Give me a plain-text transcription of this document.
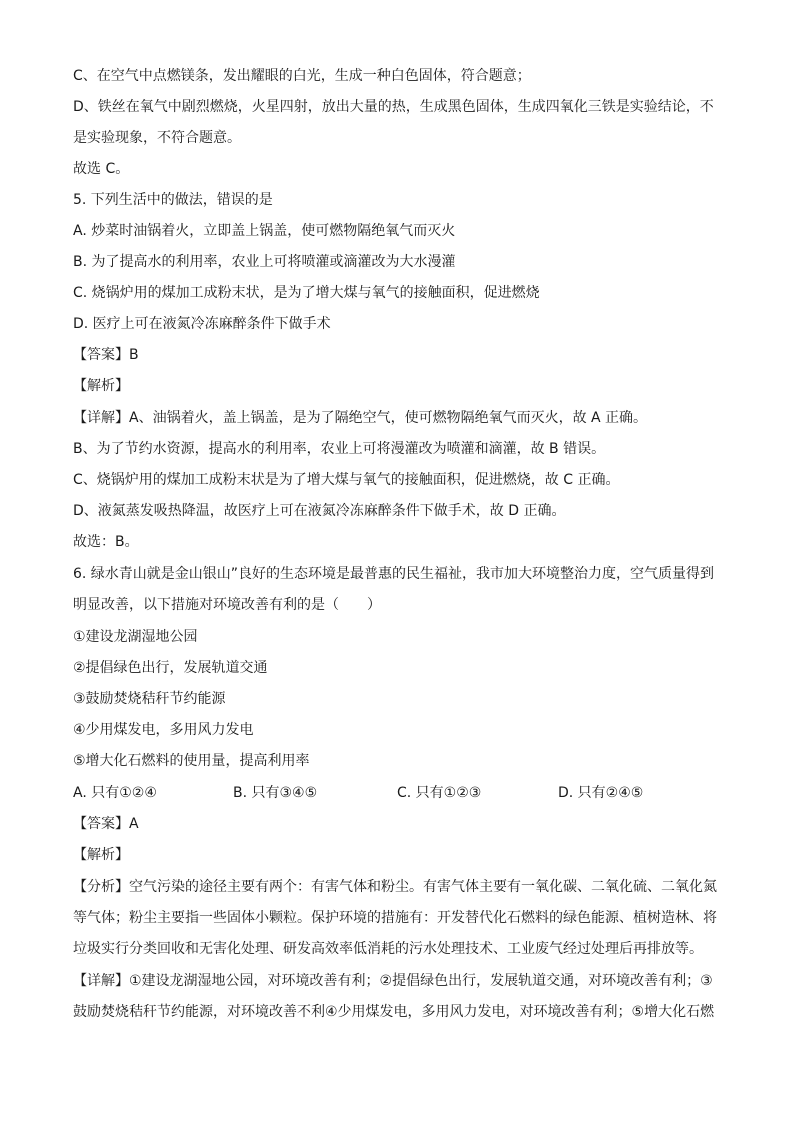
C、在空气中点燃镁条，发出耀眼的白光，生成一种白色固体，符合题意；
D、铁丝在氧气中剧烈燃烧，火星四射，放出大量的热，生成黑色固体，生成四氧化三铁是实验结论，不
是实验现象，不符合题意。
故选 C。
5. 下列生活中的做法，错误的是
A. 炒菜时油锅着火，立即盖上锅盖，使可燃物隔绝氧气而灭火
B. 为了提高水的利用率，农业上可将喷灌或滴灌改为大水漫灌
C. 烧锅炉用的煤加工成粉末状，是为了增大煤与氧气的接触面积，促进燃烧
D. 医疗上可在液氮冷冻麻醉条件下做手术
【答案】B
【解析】
【详解】A、油锅着火，盖上锅盖，是为了隔绝空气，使可燃物隔绝氧气而灭火，故 A 正确。
B、为了节约水资源，提高水的利用率，农业上可将漫灌改为喷灌和滴灌，故 B 错误。
C、烧锅炉用的煤加工成粉末状是为了增大煤与氧气的接触面积，促进燃烧，故 C 正确。
D、液氮蒸发吸热降温，故医疗上可在液氮冷冻麻醉条件下做手术，故 D 正确。
故选：B。
6. 绿水青山就是金山银山”良好的生态环境是最普惠的民生福祉，我市加大环境整治力度，空气质量得到
明显改善，以下措施对环境改善有利的是（　　）
①建设龙湖湿地公园
②提倡绿色出行，发展轨道交通
③鼓励焚烧秸秆节约能源
④少用煤发电，多用风力发电
⑤增大化石燃料的使用量，提高利用率
A. 只有①②④	B. 只有③④⑤	C. 只有①②③	D. 只有②④⑤
【答案】A
【解析】
【分析】空气污染的途径主要有两个：有害气体和粉尘。有害气体主要有一氧化碳、二氧化硫、二氧化氮
等气体；粉尘主要指一些固体小颗粒。保护环境的措施有：开发替代化石燃料的绿色能源、植树造林、将
垃圾实行分类回收和无害化处理、研发高效率低消耗的污水处理技术、工业废气经过处理后再排放等。
【详解】①建设龙湖湿地公园，对环境改善有利；②提倡绿色出行，发展轨道交通，对环境改善有利；③
鼓励焚烧秸秆节约能源，对环境改善不利④少用煤发电，多用风力发电，对环境改善有利；⑤增大化石燃
